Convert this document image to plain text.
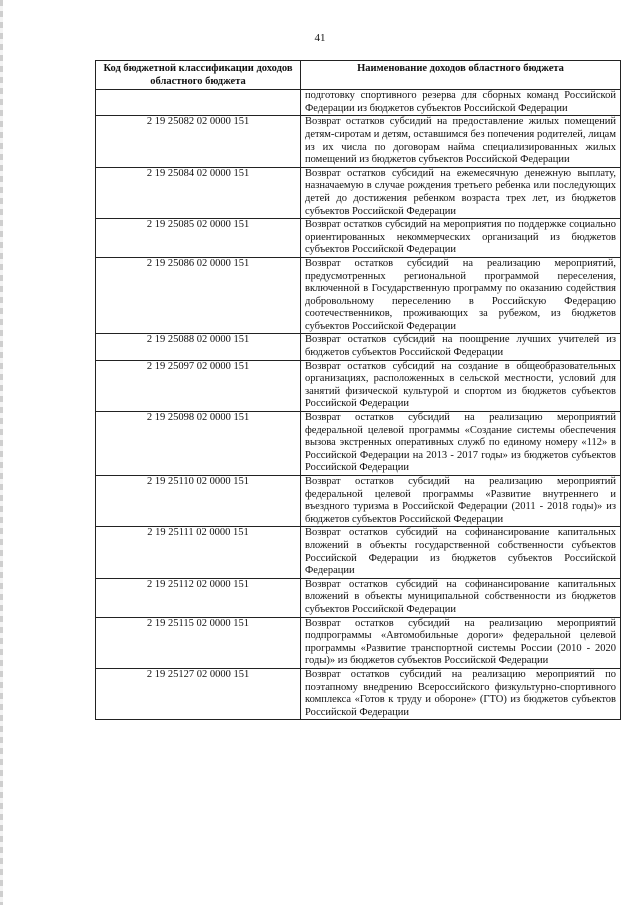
41
Код бюджетной классификации доходов областного бюджета	Наименование доходов областного бюджета
	подготовку спортивного резерва для сборных команд Российской Федерации из бюджетов субъектов Российской Федерации
2 19 25082 02 0000 151	Возврат остатков субсидий на предоставление жилых помещений детям-сиротам и детям, оставшимся без попечения родителей, лицам из их числа по договорам найма специализированных жилых помещений из бюджетов субъектов Российской Федерации
2 19 25084 02 0000 151	Возврат остатков субсидий на ежемесячную денежную выплату, назначаемую в случае рождения третьего ребенка или последующих детей до достижения ребенком возраста трех лет, из бюджетов субъектов Российской Федерации
2 19 25085 02 0000 151	Возврат остатков субсидий на мероприятия по поддержке социально ориентированных некоммерческих организаций из бюджетов субъектов Российской Федерации
2 19 25086 02 0000 151	Возврат остатков субсидий на реализацию мероприятий, предусмотренных региональной программой переселения, включенной в Государственную программу по оказанию содействия добровольному переселению в Российскую Федерацию соотечественников, проживающих за рубежом, из бюджетов субъектов Российской Федерации
2 19 25088 02 0000 151	Возврат остатков субсидий на поощрение лучших учителей из бюджетов субъектов Российской Федерации
2 19 25097 02 0000 151	Возврат остатков субсидий на создание в общеобразовательных организациях, расположенных в сельской местности, условий для занятий физической культурой и спортом из бюджетов субъектов Российской Федерации
2 19 25098 02 0000 151	Возврат остатков субсидий на реализацию мероприятий федеральной целевой программы «Создание системы обеспечения вызова экстренных оперативных служб по единому номеру «112» в Российской Федерации на 2013 - 2017 годы» из бюджетов субъектов Российской Федерации
2 19 25110 02 0000 151	Возврат остатков субсидий на реализацию мероприятий федеральной целевой программы «Развитие внутреннего и въездного туризма в Российской Федерации (2011 - 2018 годы)» из бюджетов субъектов Российской Федерации
2 19 25111 02 0000 151	Возврат остатков субсидий на софинансирование капитальных вложений в объекты государственной собственности субъектов Российской Федерации из бюджетов субъектов Российской Федерации
2 19 25112 02 0000 151	Возврат остатков субсидий на софинансирование капитальных вложений в объекты муниципальной собственности из бюджетов субъектов Российской Федерации
2 19 25115 02 0000 151	Возврат остатков субсидий на реализацию мероприятий подпрограммы «Автомобильные дороги» федеральной целевой программы «Развитие транспортной системы России (2010 - 2020 годы)» из бюджетов субъектов Российской Федерации
2 19 25127 02 0000 151	Возврат остатков субсидий на реализацию мероприятий по поэтапному внедрению Всероссийского физкультурно-спортивного комплекса «Готов к труду и обороне» (ГТО) из бюджетов субъектов Российской Федерации
